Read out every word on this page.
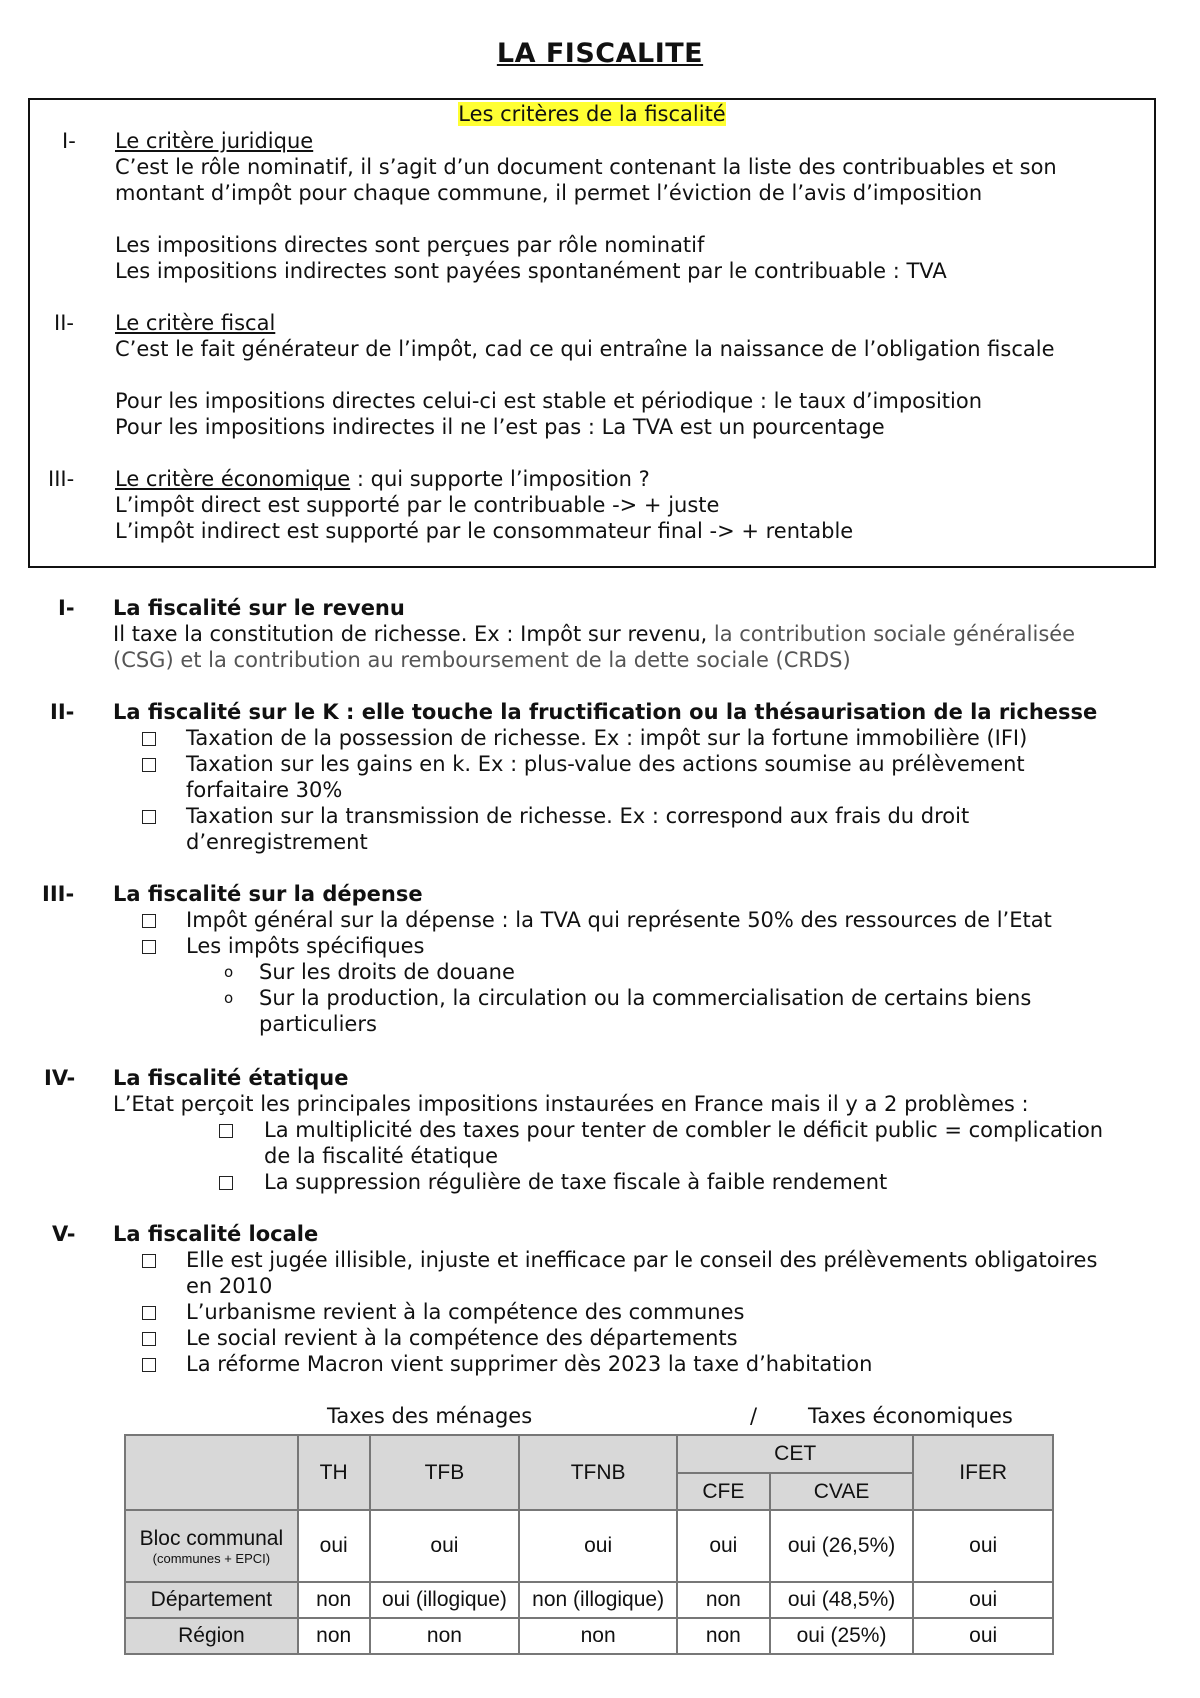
LA FISCALITE
Les critères de la fiscalité
I- Le critère juridique
C’est le rôle nominatif, il s’agit d’un document contenant la liste des contribuables et son
montant d’impôt pour chaque commune, il permet l’éviction de l’avis d’imposition
Les impositions directes sont perçues par rôle nominatif
Les impositions indirectes sont payées spontanément par le contribuable : TVA
II- Le critère fiscal
C’est le fait générateur de l’impôt, cad ce qui entraîne la naissance de l’obligation fiscale
Pour les impositions directes celui-ci est stable et périodique : le taux d’imposition
Pour les impositions indirectes il ne l’est pas : La TVA est un pourcentage
III- Le critère économique : qui supporte l’imposition ?
L’impôt direct est supporté par le contribuable -> + juste
L’impôt indirect est supporté par le consommateur final -> + rentable
I- La fiscalité sur le revenu
Il taxe la constitution de richesse. Ex : Impôt sur revenu, la contribution sociale généralisée
(CSG) et la contribution au remboursement de la dette sociale (CRDS)
II- La fiscalité sur le K : elle touche la fructification ou la thésaurisation de la richesse
Taxation de la possession de richesse. Ex : impôt sur la fortune immobilière (IFI)
Taxation sur les gains en k. Ex : plus-value des actions soumise au prélèvement
forfaitaire 30%
Taxation sur la transmission de richesse. Ex : correspond aux frais du droit
d’enregistrement
III- La fiscalité sur la dépense
Impôt général sur la dépense : la TVA qui représente 50% des ressources de l’Etat
Les impôts spécifiques
o Sur les droits de douane
o Sur la production, la circulation ou la commercialisation de certains biens
particuliers
IV- La fiscalité étatique
L’Etat perçoit les principales impositions instaurées en France mais il y a 2 problèmes :
La multiplicité des taxes pour tenter de combler le déficit public = complication
de la fiscalité étatique
La suppression régulière de taxe fiscale à faible rendement
V- La fiscalité locale
Elle est jugée illisible, injuste et inefficace par le conseil des prélèvements obligatoires
en 2010
L’urbanisme revient à la compétence des communes
Le social revient à la compétence des départements
La réforme Macron vient supprimer dès 2023 la taxe d’habitation
Taxes des ménages	/ Taxes économiques
	TH	TFB	TFNB	CET		IFER
				CFE	CVAE	
Bloc communal
(communes + EPCI)	oui	oui	oui	oui	oui (26,5%)	oui
Département	non	oui (illogique)	non (illogique)	non	oui (48,5%)	oui
Région	non	non	non	non	oui (25%)	oui
